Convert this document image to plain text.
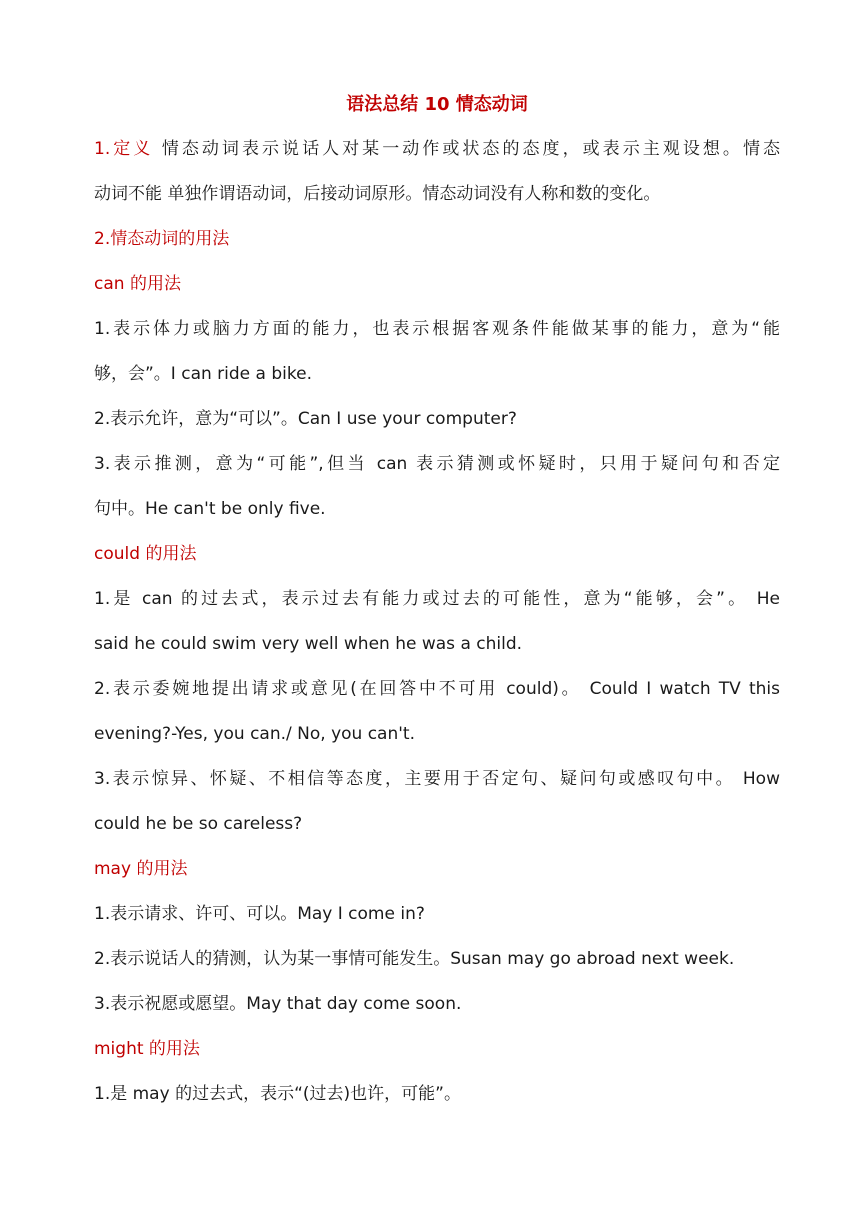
语法总结 10 情态动词

1.定义 情态动词表示说话人对某一动作或状态的态度，或表示主观设想。情态

动词不能 单独作谓语动词，后接动词原形。情态动词没有人称和数的变化。

2.情态动词的用法

can 的用法

1.表示体力或脑力方面的能力，也表示根据客观条件能做某事的能力，意为“能

够，会”。I can ride a bike.

2.表示允许，意为“可以”。Can I use your computer?

3.表示推测，意为“可能”,但当 can 表示猜测或怀疑时，只用于疑问句和否定

句中。He can't be only five.

could 的用法

1.是 can 的过去式，表示过去有能力或过去的可能性，意为“能够，会”。 He

said he could swim very well when he was a child.

2.表示委婉地提出请求或意见(在回答中不可用 could)。 Could I watch TV this

evening?-Yes, you can./ No, you can't.

3.表示惊异、怀疑、不相信等态度，主要用于否定句、疑问句或感叹句中。 How

could he be so careless?

may 的用法

1.表示请求、许可、可以。May I come in?

2.表示说话人的猜测，认为某一事情可能发生。Susan may go abroad next week.

3.表示祝愿或愿望。May that day come soon.

might 的用法

1.是 may 的过去式，表示“(过去)也许，可能”。
